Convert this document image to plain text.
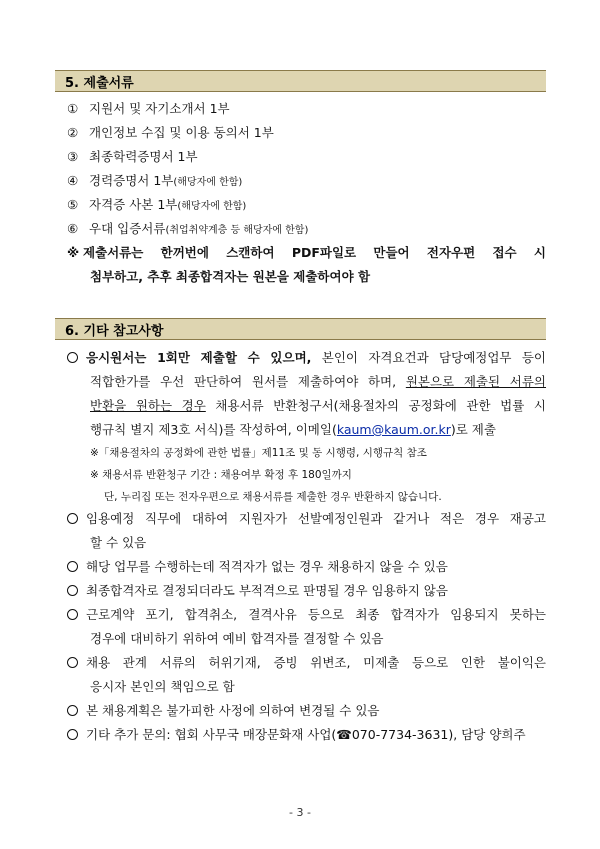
5. 제출서류
① 지원서 및 자기소개서 1부
② 개인정보 수집 및 이용 동의서 1부
③ 최종학력증명서 1부
④ 경력증명서 1부(해당자에 한함)
⑤ 자격증 사본 1부(해당자에 한함)
⑥ 우대 입증서류(취업취약계층 등 해당자에 한함)
※ 제출서류는 한꺼번에 스캔하여 PDF파일로 만들어 전자우편 접수 시
첨부하고, 추후 최종합격자는 원본을 제출하여야 함
6. 기타 참고사항
응시원서는 1회만 제출할 수 있으며, 본인이 자격요건과 담당예정업무 등이
적합한가를 우선 판단하여 원서를 제출하여야 하며, 원본으로 제출된 서류의
반환을 원하는 경우 채용서류 반환청구서(채용절차의 공정화에 관한 법률 시
행규칙 별지 제3호 서식)를 작성하여, 이메일(kaum@kaum.or.kr)로 제출
※「채용절차의 공정화에 관한 법률」제11조 및 동 시행령, 시행규칙 참조
※ 채용서류 반환청구 기간 : 채용여부 확정 후 180일까지
단, 누리집 또는 전자우편으로 채용서류를 제출한 경우 반환하지 않습니다.
임용예정 직무에 대하여 지원자가 선발예정인원과 같거나 적은 경우 재공고
할 수 있음
해당 업무를 수행하는데 적격자가 없는 경우 채용하지 않을 수 있음
최종합격자로 결정되더라도 부적격으로 판명될 경우 임용하지 않음
근로계약 포기, 합격취소, 결격사유 등으로 최종 합격자가 임용되지 못하는
경우에 대비하기 위하여 예비 합격자를 결정할 수 있음
채용 관계 서류의 허위기재, 증빙 위변조, 미제출 등으로 인한 불이익은
응시자 본인의 책임으로 함
본 채용계획은 불가피한 사정에 의하여 변경될 수 있음
기타 추가 문의: 협회 사무국 매장문화재 사업(☎070-7734-3631), 담당 양희주
- 3 -
